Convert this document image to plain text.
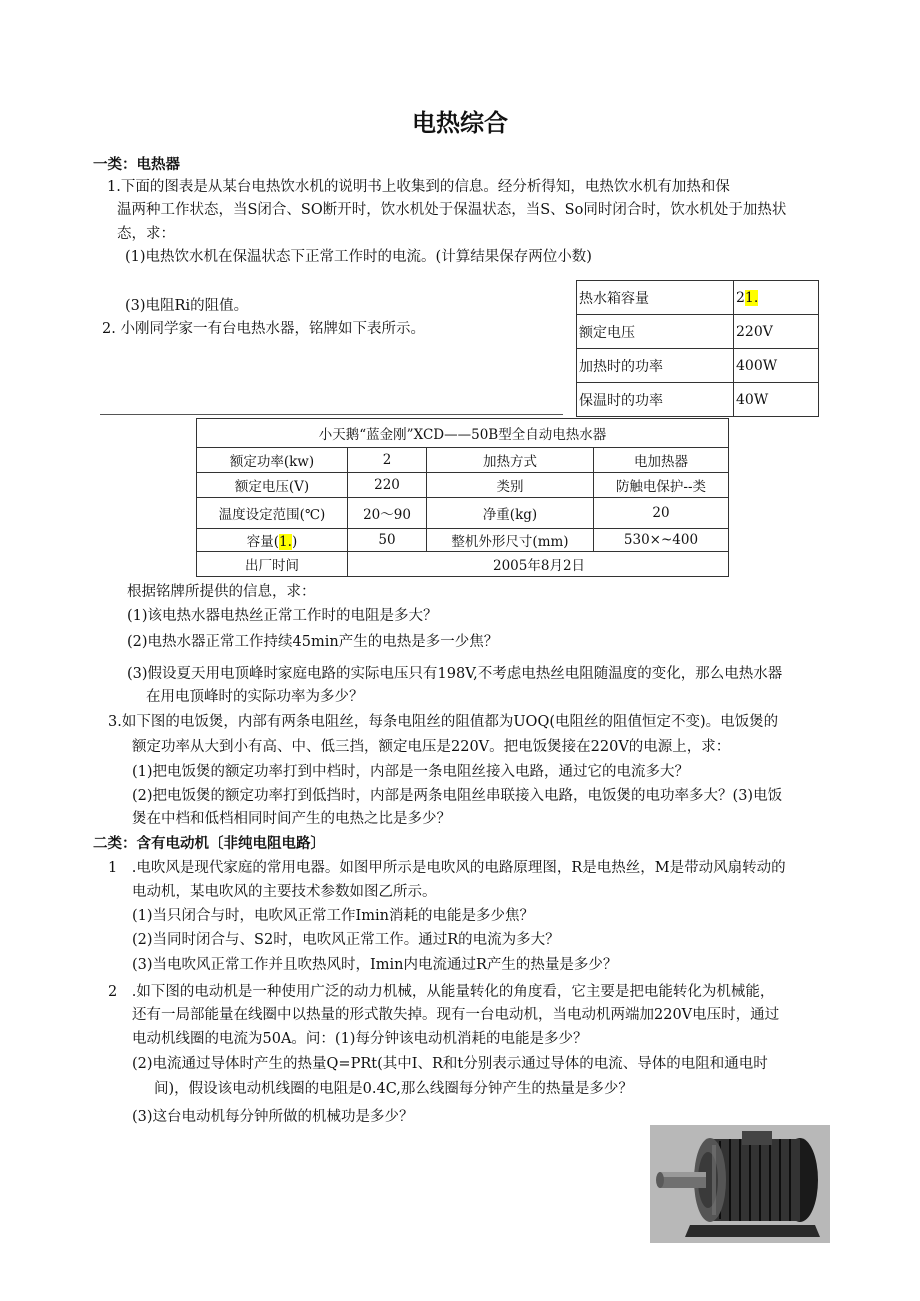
电热综合
一类：电热器
1.下面的图表是从某台电热饮水机的说明书上收集到的信息。经分析得知，电热饮水机有加热和保
温两种工作状态，当S闭合、SO断开时，饮水机处于保温状态，当S、So同时闭合时，饮水机处于加热状
态，求：
(1)电热饮水机在保温状态下正常工作时的电流。(计算结果保存两位小数)
(3)电阻Ri的阻值。	热水箱容量	21.
额定电压	220V
加热时的功率	400W
保温时的功率	40W
2. 小刚同学家一有台电热水器，铭牌如下表所示。
小天鹅“蓝金刚”XCD——50B型全自动电热水器			
额定功率(kw)	2	加热方式	电加热器
额定电压(V)	220	类别	防触电保护--类
温度设定范围(℃)	20～90	净重(kg)	20
容量(1.)	50	整机外形尺寸(mm)	530×~400
出厂时间	2005年8月2日		
根据铭牌所提供的信息，求：
(1)该电热水器电热丝正常工作时的电阻是多大？
(2)电热水器正常工作持续45min产生的电热是多一少焦？
(3)假设夏天用电顶峰时家庭电路的实际电压只有198V,不考虑电热丝电阻随温度的变化，那么电热水器
在用电顶峰时的实际功率为多少？
3.如下图的电饭煲，内部有两条电阻丝，每条电阻丝的阻值都为UOQ(电阻丝的阻值恒定不变)。电饭煲的
额定功率从大到小有高、中、低三挡，额定电压是220V。把电饭煲接在220V的电源上，求：
(1)把电饭煲的额定功率打到中档时，内部是一条电阻丝接入电路，通过它的电流多大？
(2)把电饭煲的额定功率打到低挡时，内部是两条电阻丝串联接入电路，电饭煲的电功率多大？(3)电饭
煲在中档和低档相同时间产生的电热之比是多少？
二类：含有电动机〔非纯电阻电路〕
1　.电吹风是现代家庭的常用电器。如图甲所示是电吹风的电路原理图，R是电热丝，M是带动风扇转动的
电动机，某电吹风的主要技术参数如图乙所示。
(1)当只闭合与时，电吹风正常工作Imin消耗的电能是多少焦？
(2)当同时闭合与、S2时，电吹风正常工作。通过R的电流为多大？
(3)当电吹风正常工作并且吹热风时，Imin内电流通过R产生的热量是多少？
2　.如下图的电动机是一种使用广泛的动力机械，从能量转化的角度看，它主要是把电能转化为机械能，
还有一局部能量在线圈中以热量的形式散失掉。现有一台电动机，当电动机两端加220V电压时，通过
电动机线圈的电流为50A。问：(1)每分钟该电动机消耗的电能是多少？
(2)电流通过导体时产生的热量Q=PRt(其中I、R和t分别表示通过导体的电流、导体的电阻和通电时
间)，假设该电动机线圈的电阻是0.4C,那么线圈每分钟产生的热量是多少？
(3)这台电动机每分钟所做的机械功是多少？
